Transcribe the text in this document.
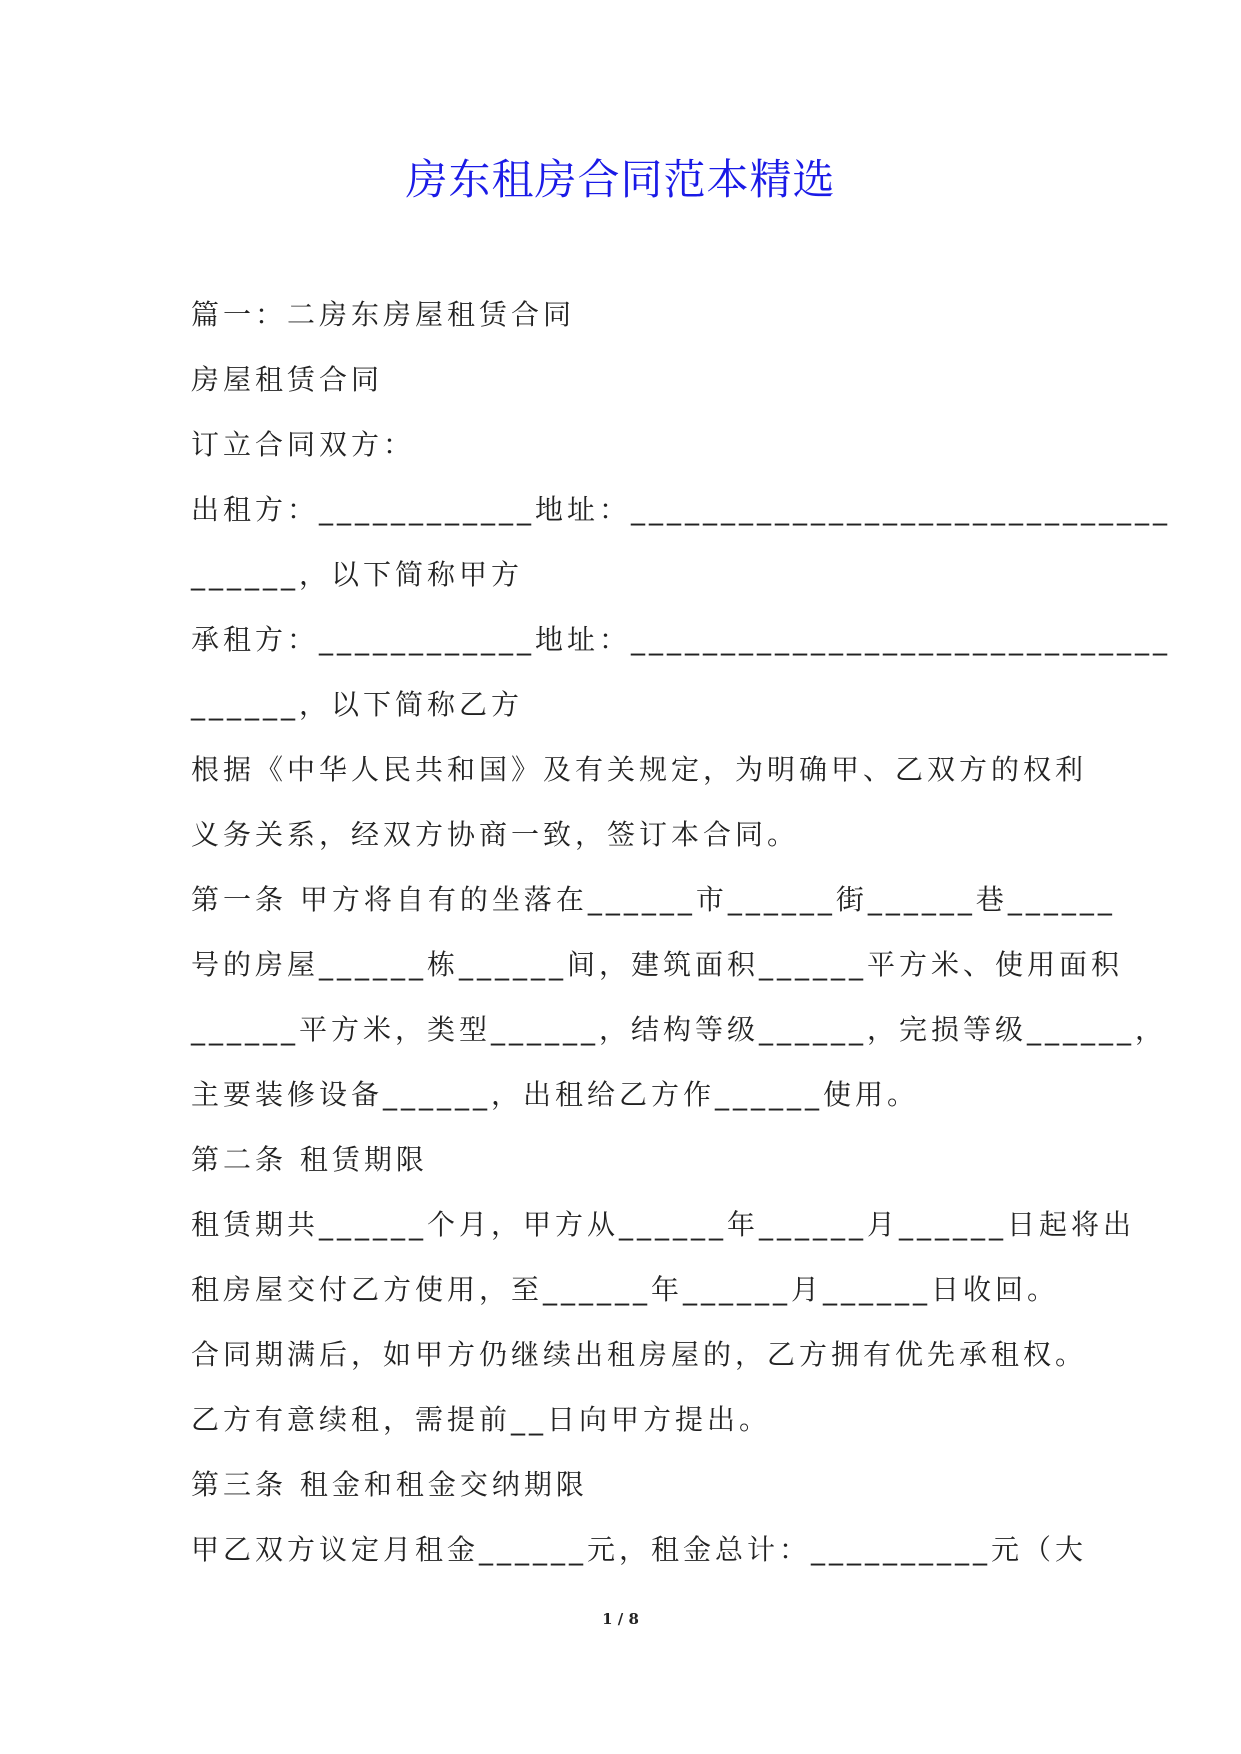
房东租房合同范本精选
篇一：二房东房屋租赁合同
房屋租赁合同
订立合同双方：
出租方：____________地址：______________________________
______，以下简称甲方
承租方：____________地址：______________________________
______，以下简称乙方
根据《中华人民共和国》及有关规定，为明确甲、乙双方的权利
义务关系，经双方协商一致，签订本合同。
第一条 甲方将自有的坐落在______市______街______巷______
号的房屋______栋______间，建筑面积______平方米、使用面积
______平方米，类型______，结构等级______，完损等级______，
主要装修设备______，出租给乙方作______使用。
第二条 租赁期限
租赁期共______个月，甲方从______年______月______日起将出
租房屋交付乙方使用，至______年______月______日收回。
合同期满后，如甲方仍继续出租房屋的，乙方拥有优先承租权。
乙方有意续租，需提前__日向甲方提出。
第三条 租金和租金交纳期限
甲乙双方议定月租金______元，租金总计：__________元（大
1 / 8
